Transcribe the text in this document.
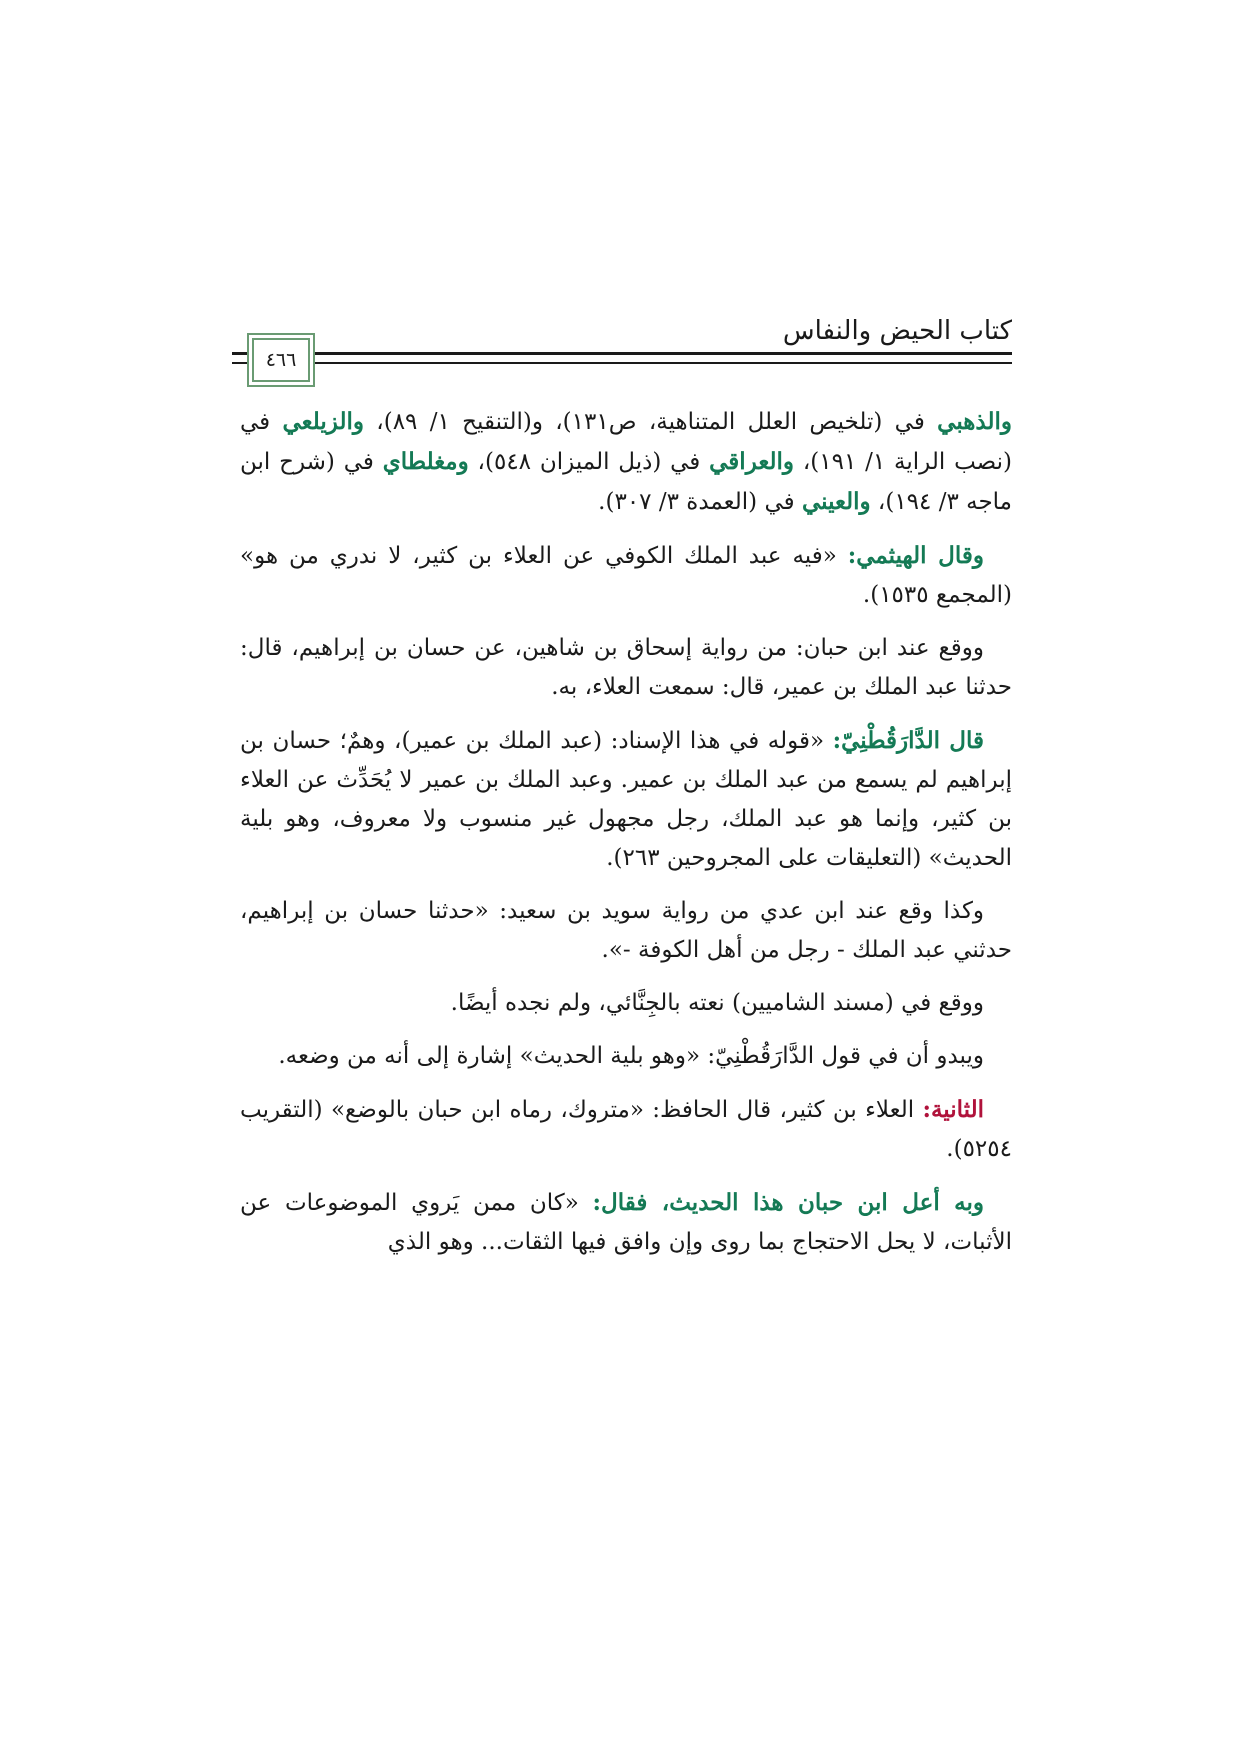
كتاب الحيض والنفاس
٤٦٦

والذهبي في (تلخيص العلل المتناهية، ص١٣١)، و(التنقيح ١/ ٨٩)، والزيلعي في (نصب الراية ١/ ١٩١)، والعراقي في (ذيل الميزان ٥٤٨)، ومغلطاي في (شرح ابن ماجه ٣/ ١٩٤)، والعيني في (العمدة ٣/ ٣٠٧).

وقال الهيثمي: «فيه عبد الملك الكوفي عن العلاء بن كثير، لا ندري من هو» (المجمع ١٥٣٥).

ووقع عند ابن حبان: من رواية إسحاق بن شاهين، عن حسان بن إبراهيم، قال: حدثنا عبد الملك بن عمير، قال: سمعت العلاء، به.

قال الدَّارَقُطْنِيّ: «قوله في هذا الإسناد: (عبد الملك بن عمير)، وهمٌ؛ حسان بن إبراهيم لم يسمع من عبد الملك بن عمير. وعبد الملك بن عمير لا يُحَدِّث عن العلاء بن كثير، وإنما هو عبد الملك، رجل مجهول غير منسوب ولا معروف، وهو بلية الحديث» (التعليقات على المجروحين ٢٦٣).

وكذا وقع عند ابن عدي من رواية سويد بن سعيد: «حدثنا حسان بن إبراهيم، حدثني عبد الملك - رجل من أهل الكوفة -».

ووقع في (مسند الشاميين) نعته بالجِنَّائي، ولم نجده أيضًا.

ويبدو أن في قول الدَّارَقُطْنِيّ: «وهو بلية الحديث» إشارة إلى أنه من وضعه.

الثانية: العلاء بن كثير، قال الحافظ: «متروك، رماه ابن حبان بالوضع» (التقريب ٥٢٥٤).

وبه أعل ابن حبان هذا الحديث، فقال: «كان ممن يَروي الموضوعات عن الأثبات، لا يحل الاحتجاج بما روى وإن وافق فيها الثقات... وهو الذي
